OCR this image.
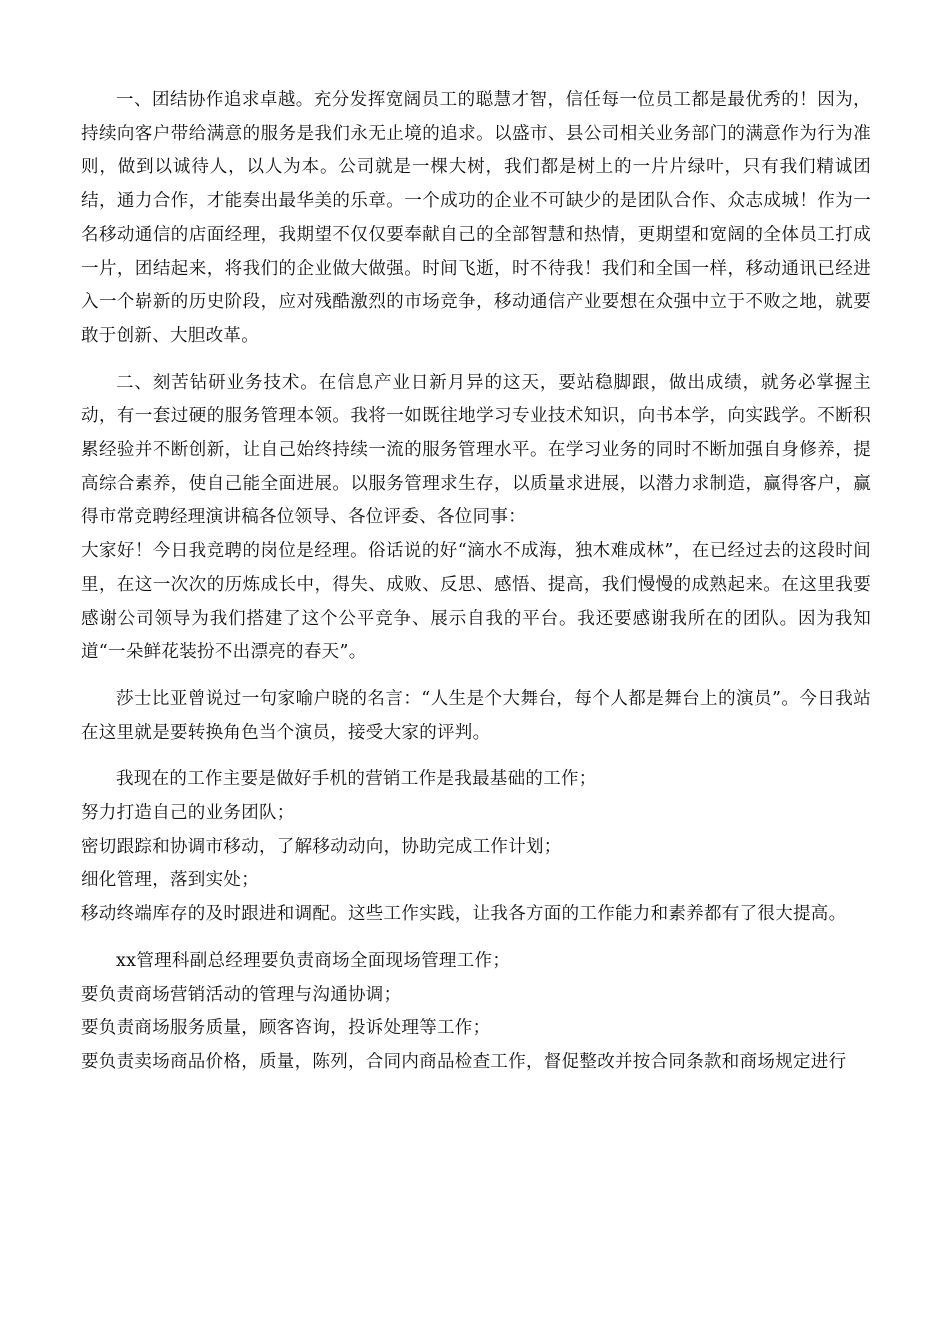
一、团结协作追求卓越。充分发挥宽阔员工的聪慧才智，信任每一位员工都是最优秀的！因为，持续向客户带给满意的服务是我们永无止境的追求。以盛市、县公司相关业务部门的满意作为行为准则，做到以诚待人，以人为本。公司就是一棵大树，我们都是树上的一片片绿叶，只有我们精诚团结，通力合作，才能奏出最华美的乐章。一个成功的企业不可缺少的是团队合作、众志成城！作为一名移动通信的店面经理，我期望不仅仅要奉献自己的全部智慧和热情，更期望和宽阔的全体员工打成一片，团结起来，将我们的企业做大做强。时间飞逝，时不待我！我们和全国一样，移动通讯已经进入一个崭新的历史阶段，应对残酷激烈的市场竞争，移动通信产业要想在众强中立于不败之地，就要敢于创新、大胆改革。

二、刻苦钻研业务技术。在信息产业日新月异的这天，要站稳脚跟，做出成绩，就务必掌握主动，有一套过硬的服务管理本领。我将一如既往地学习专业技术知识，向书本学，向实践学。不断积累经验并不断创新，让自己始终持续一流的服务管理水平。在学习业务的同时不断加强自身修养，提高综合素养，使自己能全面进展。以服务管理求生存，以质量求进展，以潜力求制造，赢得客户，赢得市常竞聘经理演讲稿各位领导、各位评委、各位同事：

大家好！今日我竞聘的岗位是经理。俗话说的好“滴水不成海，独木难成林”，在已经过去的这段时间里，在这一次次的历炼成长中，得失、成败、反思、感悟、提高，我们慢慢的成熟起来。在这里我要感谢公司领导为我们搭建了这个公平竞争、展示自我的平台。我还要感谢我所在的团队。因为我知道“一朵鲜花装扮不出漂亮的春天”。

莎士比亚曾说过一句家喻户晓的名言：“人生是个大舞台，每个人都是舞台上的演员”。今日我站在这里就是要转换角色当个演员，接受大家的评判。

我现在的工作主要是做好手机的营销工作是我最基础的工作；

努力打造自己的业务团队；

密切跟踪和协调市移动，了解移动动向，协助完成工作计划；

细化管理，落到实处；

移动终端库存的及时跟进和调配。这些工作实践，让我各方面的工作能力和素养都有了很大提高。

xx管理科副总经理要负责商场全面现场管理工作；

要负责商场营销活动的管理与沟通协调；

要负责商场服务质量，顾客咨询，投诉处理等工作；

要负责卖场商品价格，质量，陈列，合同内商品检查工作，督促整改并按合同条款和商场规定进行
